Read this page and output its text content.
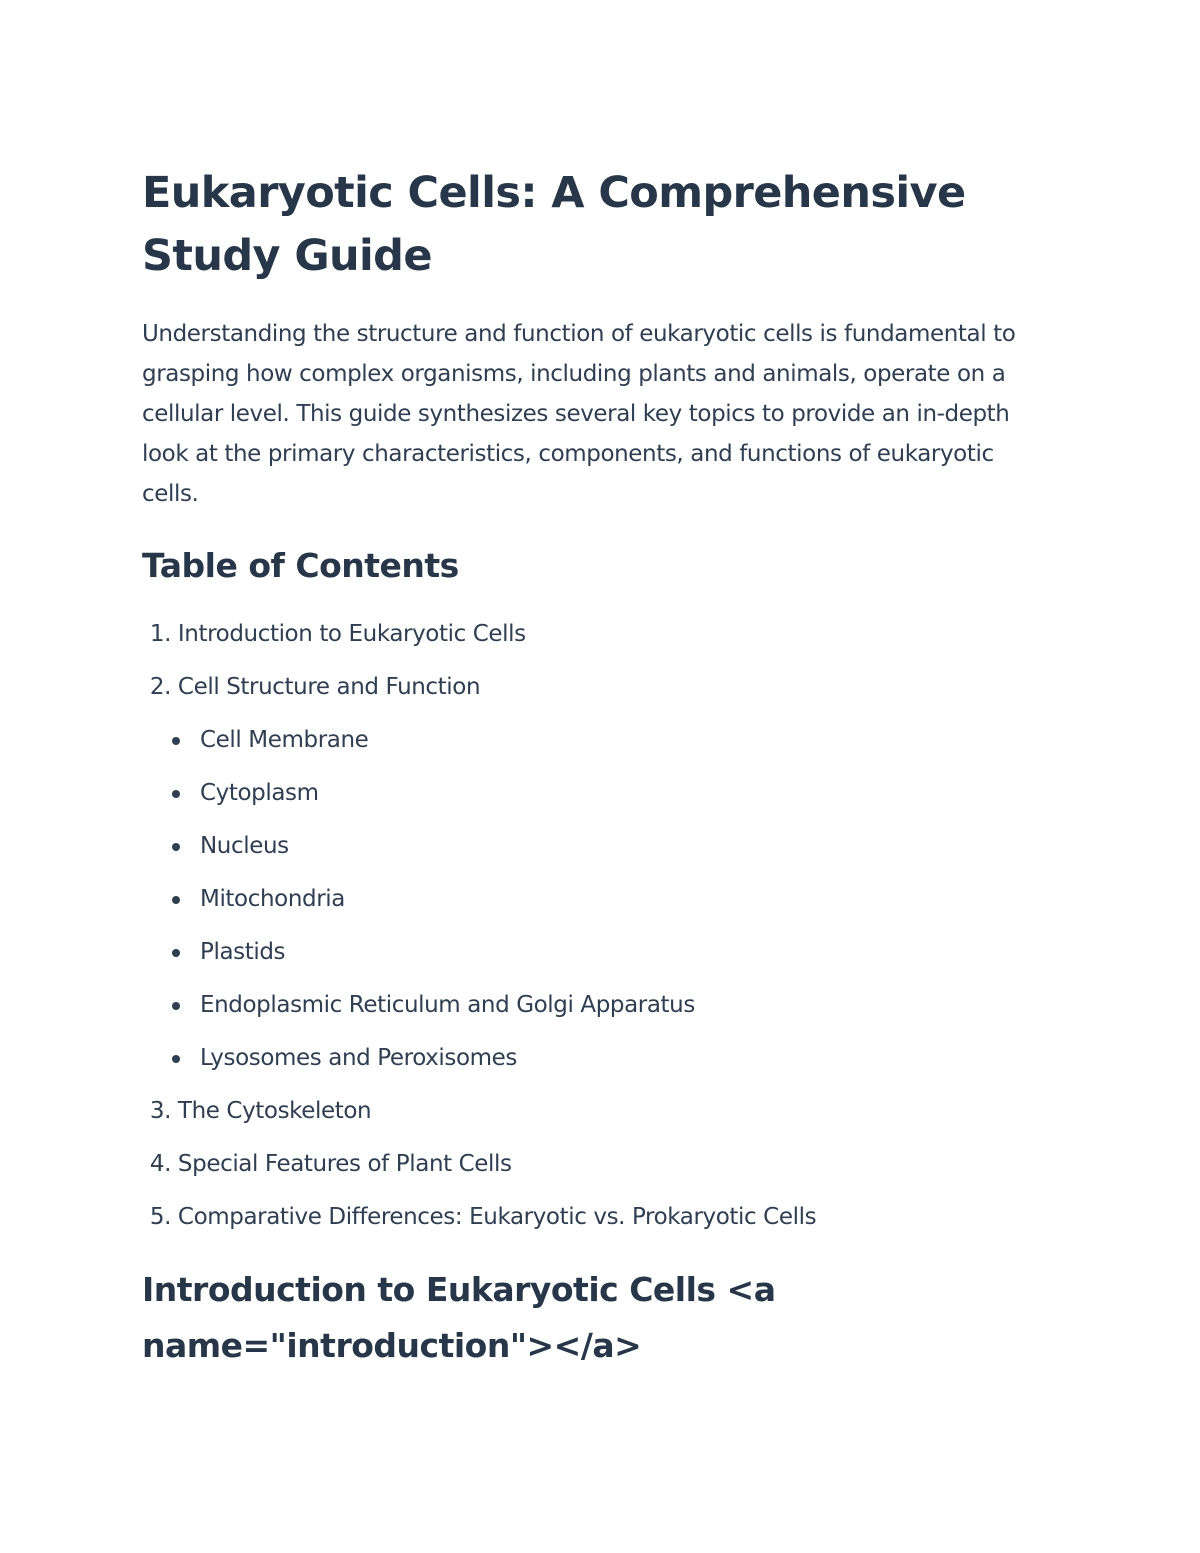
Eukaryotic Cells: A Comprehensive Study Guide

Understanding the structure and function of eukaryotic cells is fundamental to grasping how complex organisms, including plants and animals, operate on a cellular level. This guide synthesizes several key topics to provide an in-depth look at the primary characteristics, components, and functions of eukaryotic cells.

Table of Contents
1. Introduction to Eukaryotic Cells
2. Cell Structure and Function
Cell Membrane
Cytoplasm
Nucleus
Mitochondria
Plastids
Endoplasmic Reticulum and Golgi Apparatus
Lysosomes and Peroxisomes
3. The Cytoskeleton
4. Special Features of Plant Cells
5. Comparative Differences: Eukaryotic vs. Prokaryotic Cells
Introduction to Eukaryotic Cells <a name="introduction"></a>
